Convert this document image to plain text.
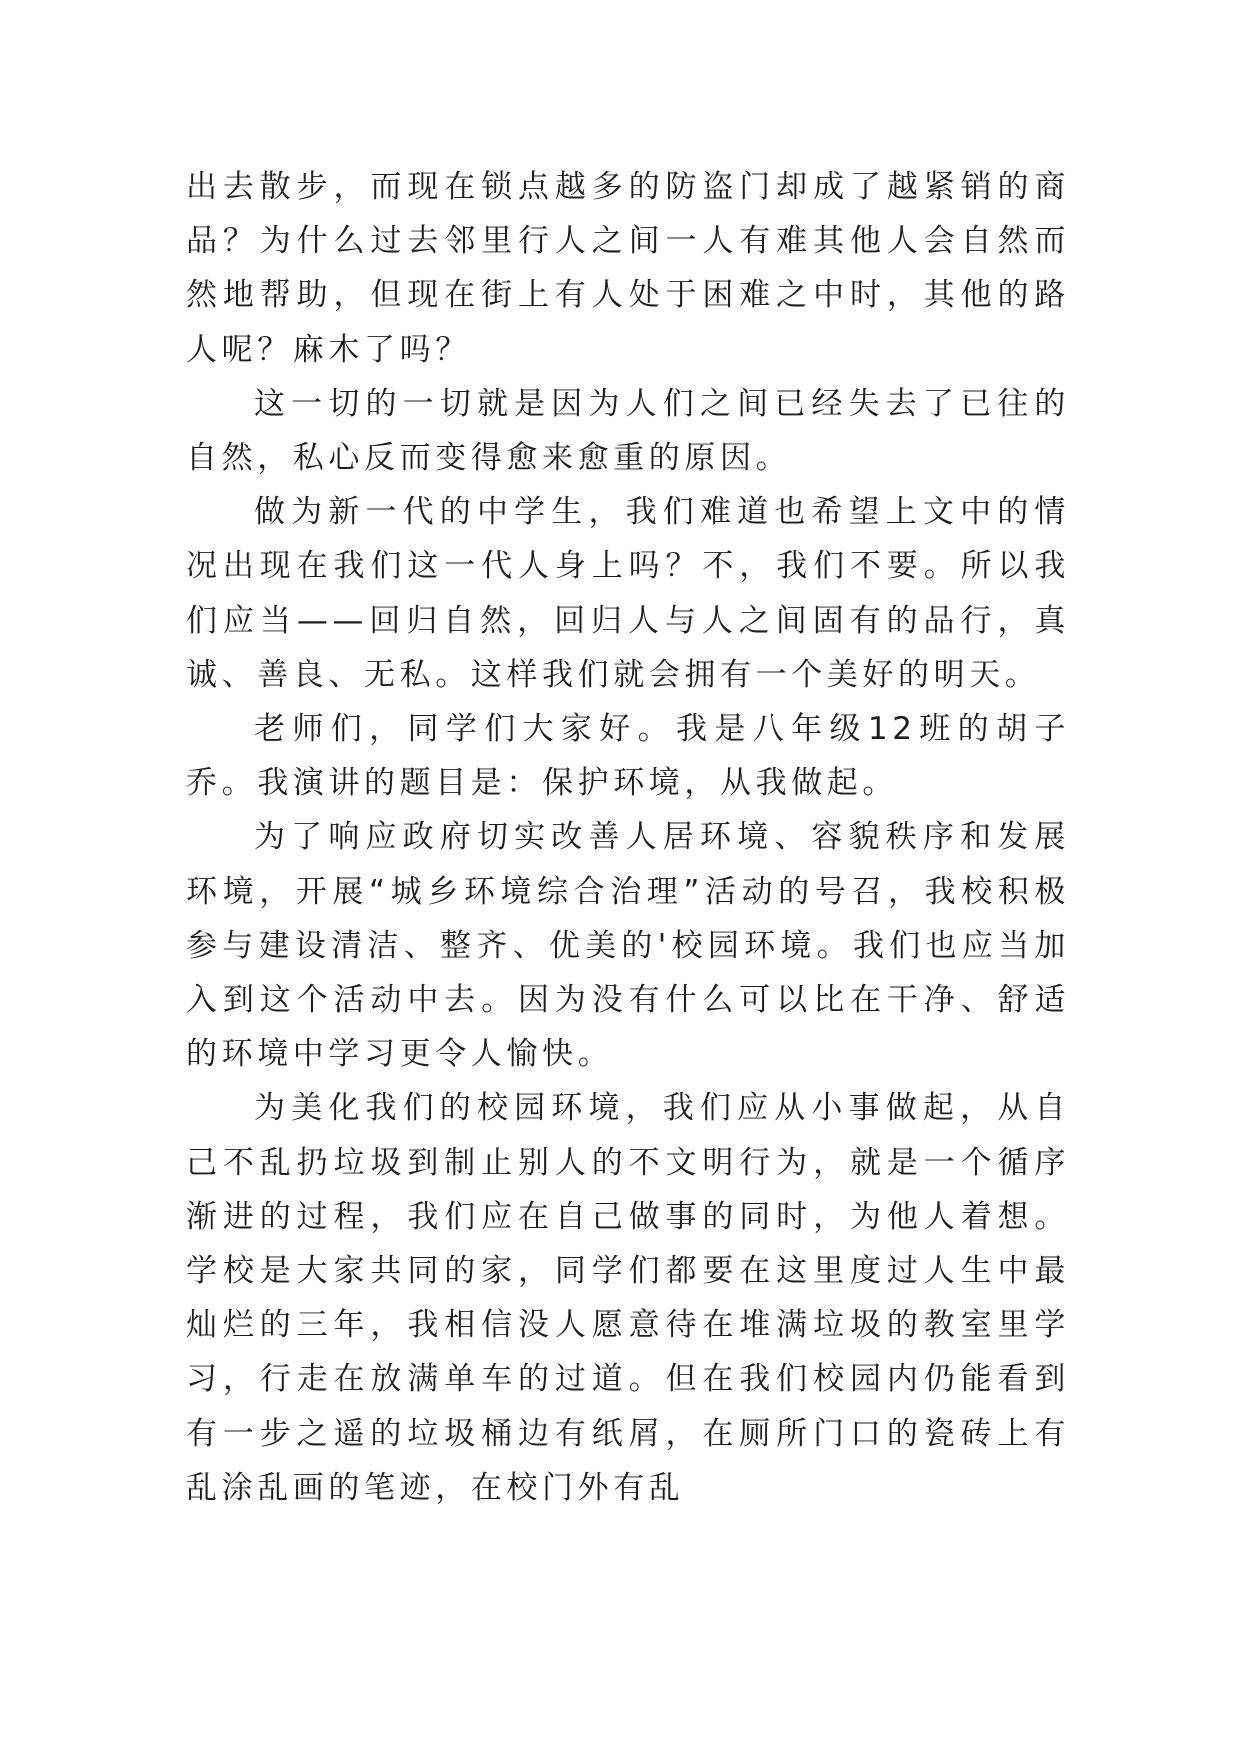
出去散步，而现在锁点越多的防盗门却成了越紧销的商品？为什么过去邻里行人之间一人有难其他人会自然而然地帮助，但现在街上有人处于困难之中时，其他的路人呢？麻木了吗？

这一切的一切就是因为人们之间已经失去了已往的自然，私心反而变得愈来愈重的原因。

做为新一代的中学生，我们难道也希望上文中的情况出现在我们这一代人身上吗？不，我们不要。所以我们应当——回归自然，回归人与人之间固有的品行，真诚、善良、无私。这样我们就会拥有一个美好的明天。

老师们，同学们大家好。我是八年级12班的胡子乔。我演讲的题目是：保护环境，从我做起。

为了响应政府切实改善人居环境、容貌秩序和发展环境，开展“城乡环境综合治理”活动的号召，我校积极参与建设清洁、整齐、优美的'校园环境。我们也应当加入到这个活动中去。因为没有什么可以比在干净、舒适的环境中学习更令人愉快。

为美化我们的校园环境，我们应从小事做起，从自己不乱扔垃圾到制止别人的不文明行为，就是一个循序渐进的过程，我们应在自己做事的同时，为他人着想。学校是大家共同的家，同学们都要在这里度过人生中最灿烂的三年，我相信没人愿意待在堆满垃圾的教室里学习，行走在放满单车的过道。但在我们校园内仍能看到有一步之遥的垃圾桶边有纸屑，在厕所门口的瓷砖上有乱涂乱画的笔迹，在校门外有乱
